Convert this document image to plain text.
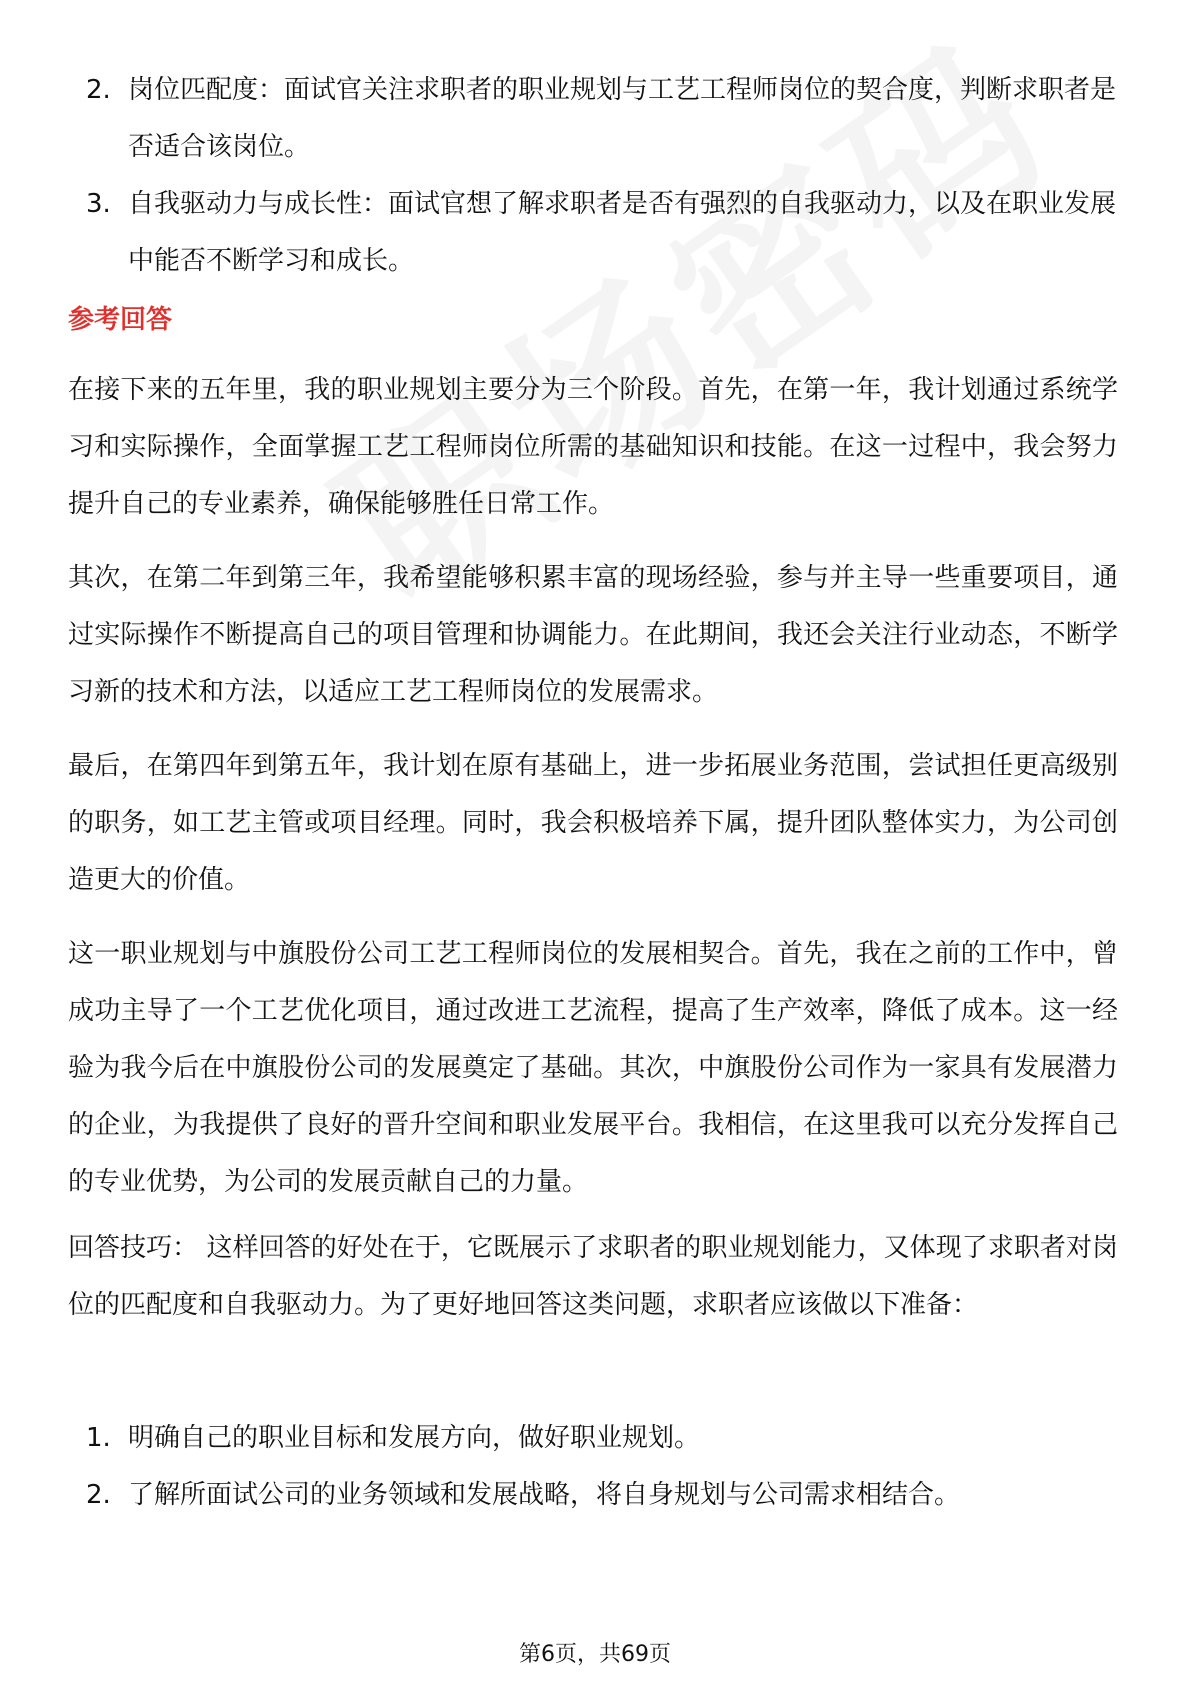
2. 岗位匹配度：面试官关注求职者的职业规划与工艺工程师岗位的契合度，判断求职者是否适合该岗位。
3. 自我驱动力与成长性：面试官想了解求职者是否有强烈的自我驱动力，以及在职业发展中能否不断学习和成长。
参考回答

在接下来的五年里，我的职业规划主要分为三个阶段。首先，在第一年，我计划通过系统学习和实际操作，全面掌握工艺工程师岗位所需的基础知识和技能。在这一过程中，我会努力提升自己的专业素养，确保能够胜任日常工作。

其次，在第二年到第三年，我希望能够积累丰富的现场经验，参与并主导一些重要项目，通过实际操作不断提高自己的项目管理和协调能力。在此期间，我还会关注行业动态，不断学习新的技术和方法，以适应工艺工程师岗位的发展需求。

最后，在第四年到第五年，我计划在原有基础上，进一步拓展业务范围，尝试担任更高级别的职务，如工艺主管或项目经理。同时，我会积极培养下属，提升团队整体实力，为公司创造更大的价值。

这一职业规划与中旗股份公司工艺工程师岗位的发展相契合。首先，我在之前的工作中，曾成功主导了一个工艺优化项目，通过改进工艺流程，提高了生产效率，降低了成本。这一经验为我今后在中旗股份公司的发展奠定了基础。其次，中旗股份公司作为一家具有发展潜力的企业，为我提供了良好的晋升空间和职业发展平台。我相信，在这里我可以充分发挥自己的专业优势，为公司的发展贡献自己的力量。

回答技巧： 这样回答的好处在于，它既展示了求职者的职业规划能力，又体现了求职者对岗位的匹配度和自我驱动力。为了更好地回答这类问题，求职者应该做以下准备：

1. 明确自己的职业目标和发展方向，做好职业规划。
2. 了解所面试公司的业务领域和发展战略，将自身规划与公司需求相结合。
第6页，共69页
